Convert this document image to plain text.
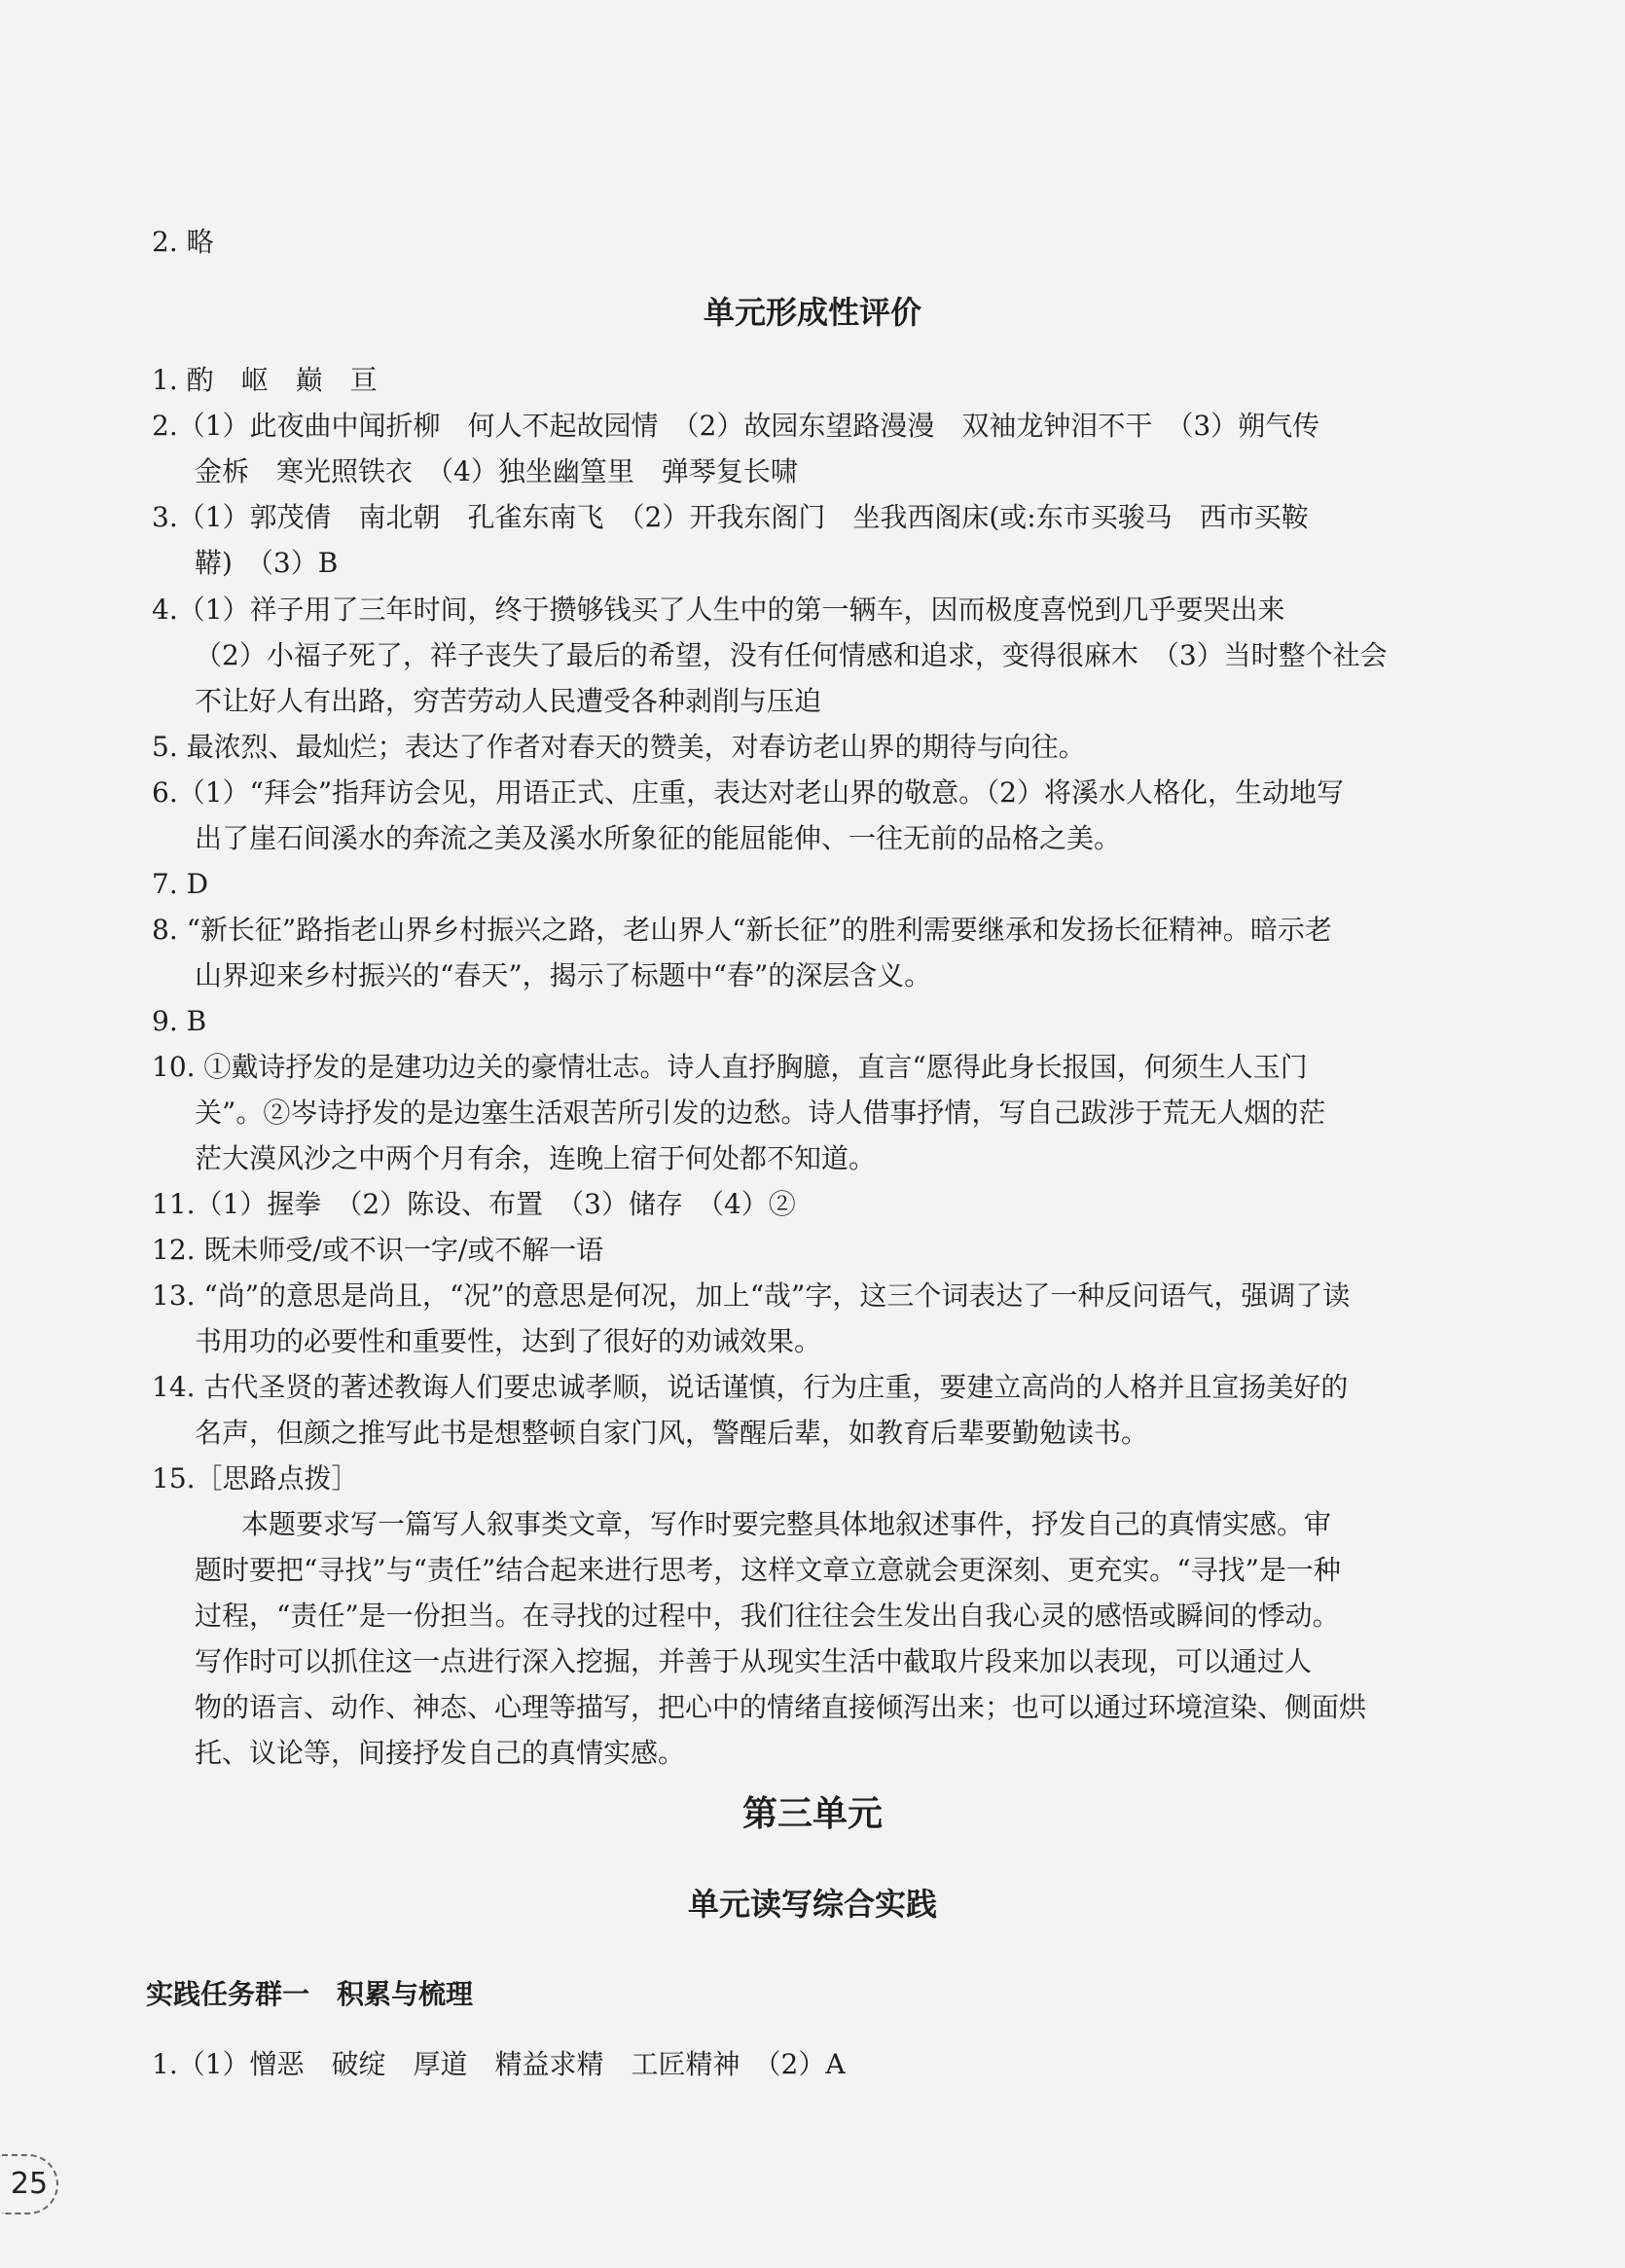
2. 略
单元形成性评价
1. 酌　岖　巅　亘
2.（1）此夜曲中闻折柳　何人不起故园情　（2）故园东望路漫漫　双袖龙钟泪不干　（3）朔气传
金柝　寒光照铁衣　（4）独坐幽篁里　弹琴复长啸
3.（1）郭茂倩　南北朝　孔雀东南飞　（2）开我东阁门　坐我西阁床(或:东市买骏马　西市买鞍
鞯)　（3）B
4.（1）祥子用了三年时间，终于攒够钱买了人生中的第一辆车，因而极度喜悦到几乎要哭出来
（2）小福子死了，祥子丧失了最后的希望，没有任何情感和追求，变得很麻木　（3）当时整个社会
不让好人有出路，穷苦劳动人民遭受各种剥削与压迫
5. 最浓烈、最灿烂；表达了作者对春天的赞美，对春访老山界的期待与向往。
6.（1）“拜会”指拜访会见，用语正式、庄重，表达对老山界的敬意。（2）将溪水人格化，生动地写
出了崖石间溪水的奔流之美及溪水所象征的能屈能伸、一往无前的品格之美。
7. D
8. “新长征”路指老山界乡村振兴之路，老山界人“新长征”的胜利需要继承和发扬长征精神。暗示老
山界迎来乡村振兴的“春天”，揭示了标题中“春”的深层含义。
9. B
10. ①戴诗抒发的是建功边关的豪情壮志。诗人直抒胸臆，直言“愿得此身长报国，何须生人玉门
关”。②岑诗抒发的是边塞生活艰苦所引发的边愁。诗人借事抒情，写自己跋涉于荒无人烟的茫
茫大漠风沙之中两个月有余，连晚上宿于何处都不知道。
11.（1）握拳　（2）陈设、布置　（3）储存　（4）②
12. 既未师受/或不识一字/或不解一语
13. “尚”的意思是尚且，“况”的意思是何况，加上“哉”字，这三个词表达了一种反问语气，强调了读
书用功的必要性和重要性，达到了很好的劝诫效果。
14. 古代圣贤的著述教诲人们要忠诚孝顺，说话谨慎，行为庄重，要建立高尚的人格并且宣扬美好的
名声，但颜之推写此书是想整顿自家门风，警醒后辈，如教育后辈要勤勉读书。
15.［思路点拨］
本题要求写一篇写人叙事类文章，写作时要完整具体地叙述事件，抒发自己的真情实感。审
题时要把“寻找”与“责任”结合起来进行思考，这样文章立意就会更深刻、更充实。“寻找”是一种
过程，“责任”是一份担当。在寻找的过程中，我们往往会生发出自我心灵的感悟或瞬间的悸动。
写作时可以抓住这一点进行深入挖掘，并善于从现实生活中截取片段来加以表现，可以通过人
物的语言、动作、神态、心理等描写，把心中的情绪直接倾泻出来；也可以通过环境渲染、侧面烘
托、议论等，间接抒发自己的真情实感。
第三单元
单元读写综合实践
实践任务群一　积累与梳理
1.（1）憎恶　破绽　厚道　精益求精　工匠精神　（2）A
25
